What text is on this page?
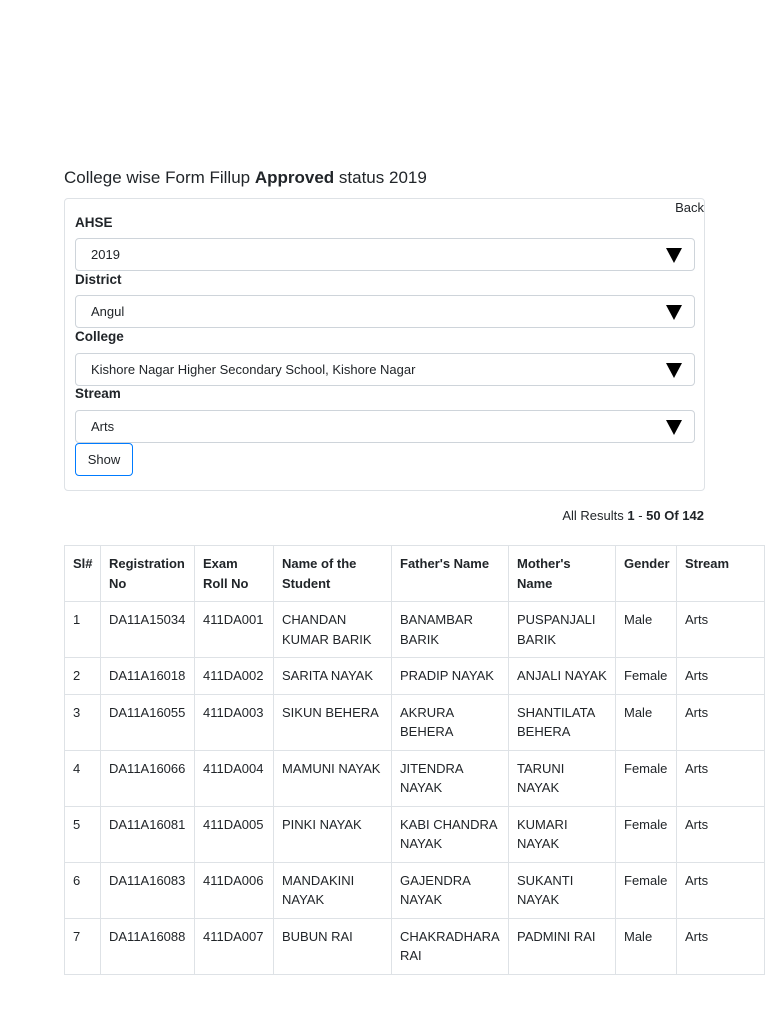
College wise Form Fillup Approved status 2019
Back
AHSE
2019
District
Angul
College
Kishore Nagar Higher Secondary School, Kishore Nagar
Stream
Arts
Show
All Results 1 - 50 Of 142
Sl#	Registration No	Exam Roll No	Name of the Student	Father's Name	Mother's Name	Gender	Stream
1	DA11A15034	411DA001	CHANDAN KUMAR BARIK	BANAMBAR BARIK	PUSPANJALI BARIK	Male	Arts
2	DA11A16018	411DA002	SARITA NAYAK	PRADIP NAYAK	ANJALI NAYAK	Female	Arts
3	DA11A16055	411DA003	SIKUN BEHERA	AKRURA BEHERA	SHANTILATA BEHERA	Male	Arts
4	DA11A16066	411DA004	MAMUNI NAYAK	JITENDRA NAYAK	TARUNI NAYAK	Female	Arts
5	DA11A16081	411DA005	PINKI NAYAK	KABI CHANDRA NAYAK	KUMARI NAYAK	Female	Arts
6	DA11A16083	411DA006	MANDAKINI NAYAK	GAJENDRA NAYAK	SUKANTI NAYAK	Female	Arts
7	DA11A16088	411DA007	BUBUN RAI	CHAKRADHARA RAI	PADMINI RAI	Male	Arts
